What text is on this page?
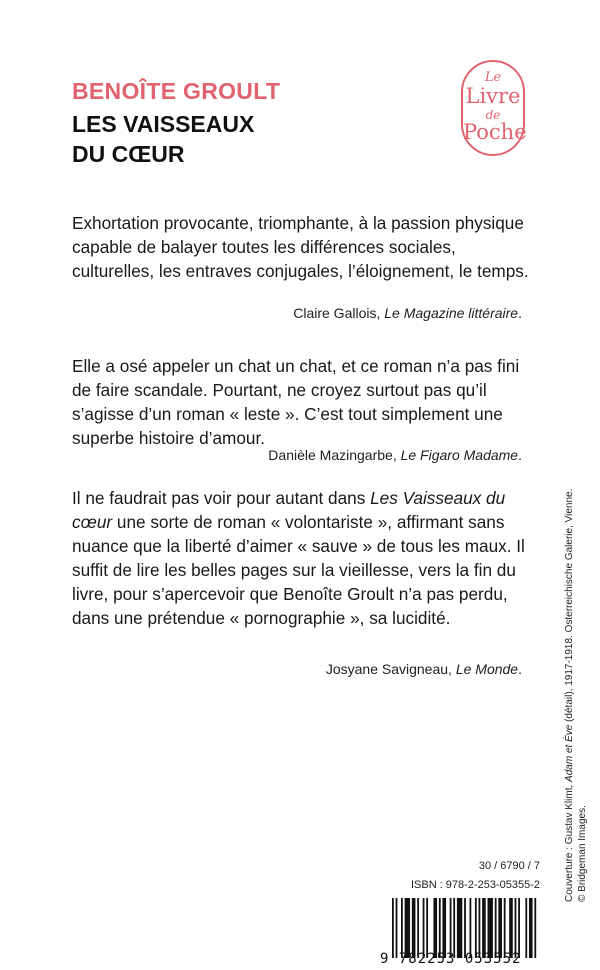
BENOÎTE GROULT
LES VAISSEAUX
DU CŒUR
Le
Livre
de
Poche
Exhortation provocante, triomphante, à la passion physique capable de balayer toutes les différences sociales, culturelles, les entraves conjugales, l’éloignement, le temps.
Claire Gallois, Le Magazine littéraire.
Elle a osé appeler un chat un chat, et ce roman n’a pas fini de faire scandale. Pourtant, ne croyez surtout pas qu’il s’agisse d’un roman « leste ». C’est tout simplement une superbe histoire d’amour.
Danièle Mazingarbe, Le Figaro Madame.
Il ne faudrait pas voir pour autant dans Les Vaisseaux du cœur une sorte de roman « volontariste », affirmant sans nuance que la liberté d’aimer « sauve » de tous les maux. Il suffit de lire les belles pages sur la vieillesse, vers la fin du livre, pour s’apercevoir que Benoîte Groult n’a pas perdu, dans une prétendue « pornographie », sa lucidité.
Josyane Savigneau, Le Monde.
Couverture : Gustav Klimt, Adam et Ève (détail), 1917-1918. Osterreichische Galerie, Vienne.
© Bridgeman Images.
30 / 6790 / 7
ISBN : 978-2-253-05355-2
9 782253 053552
